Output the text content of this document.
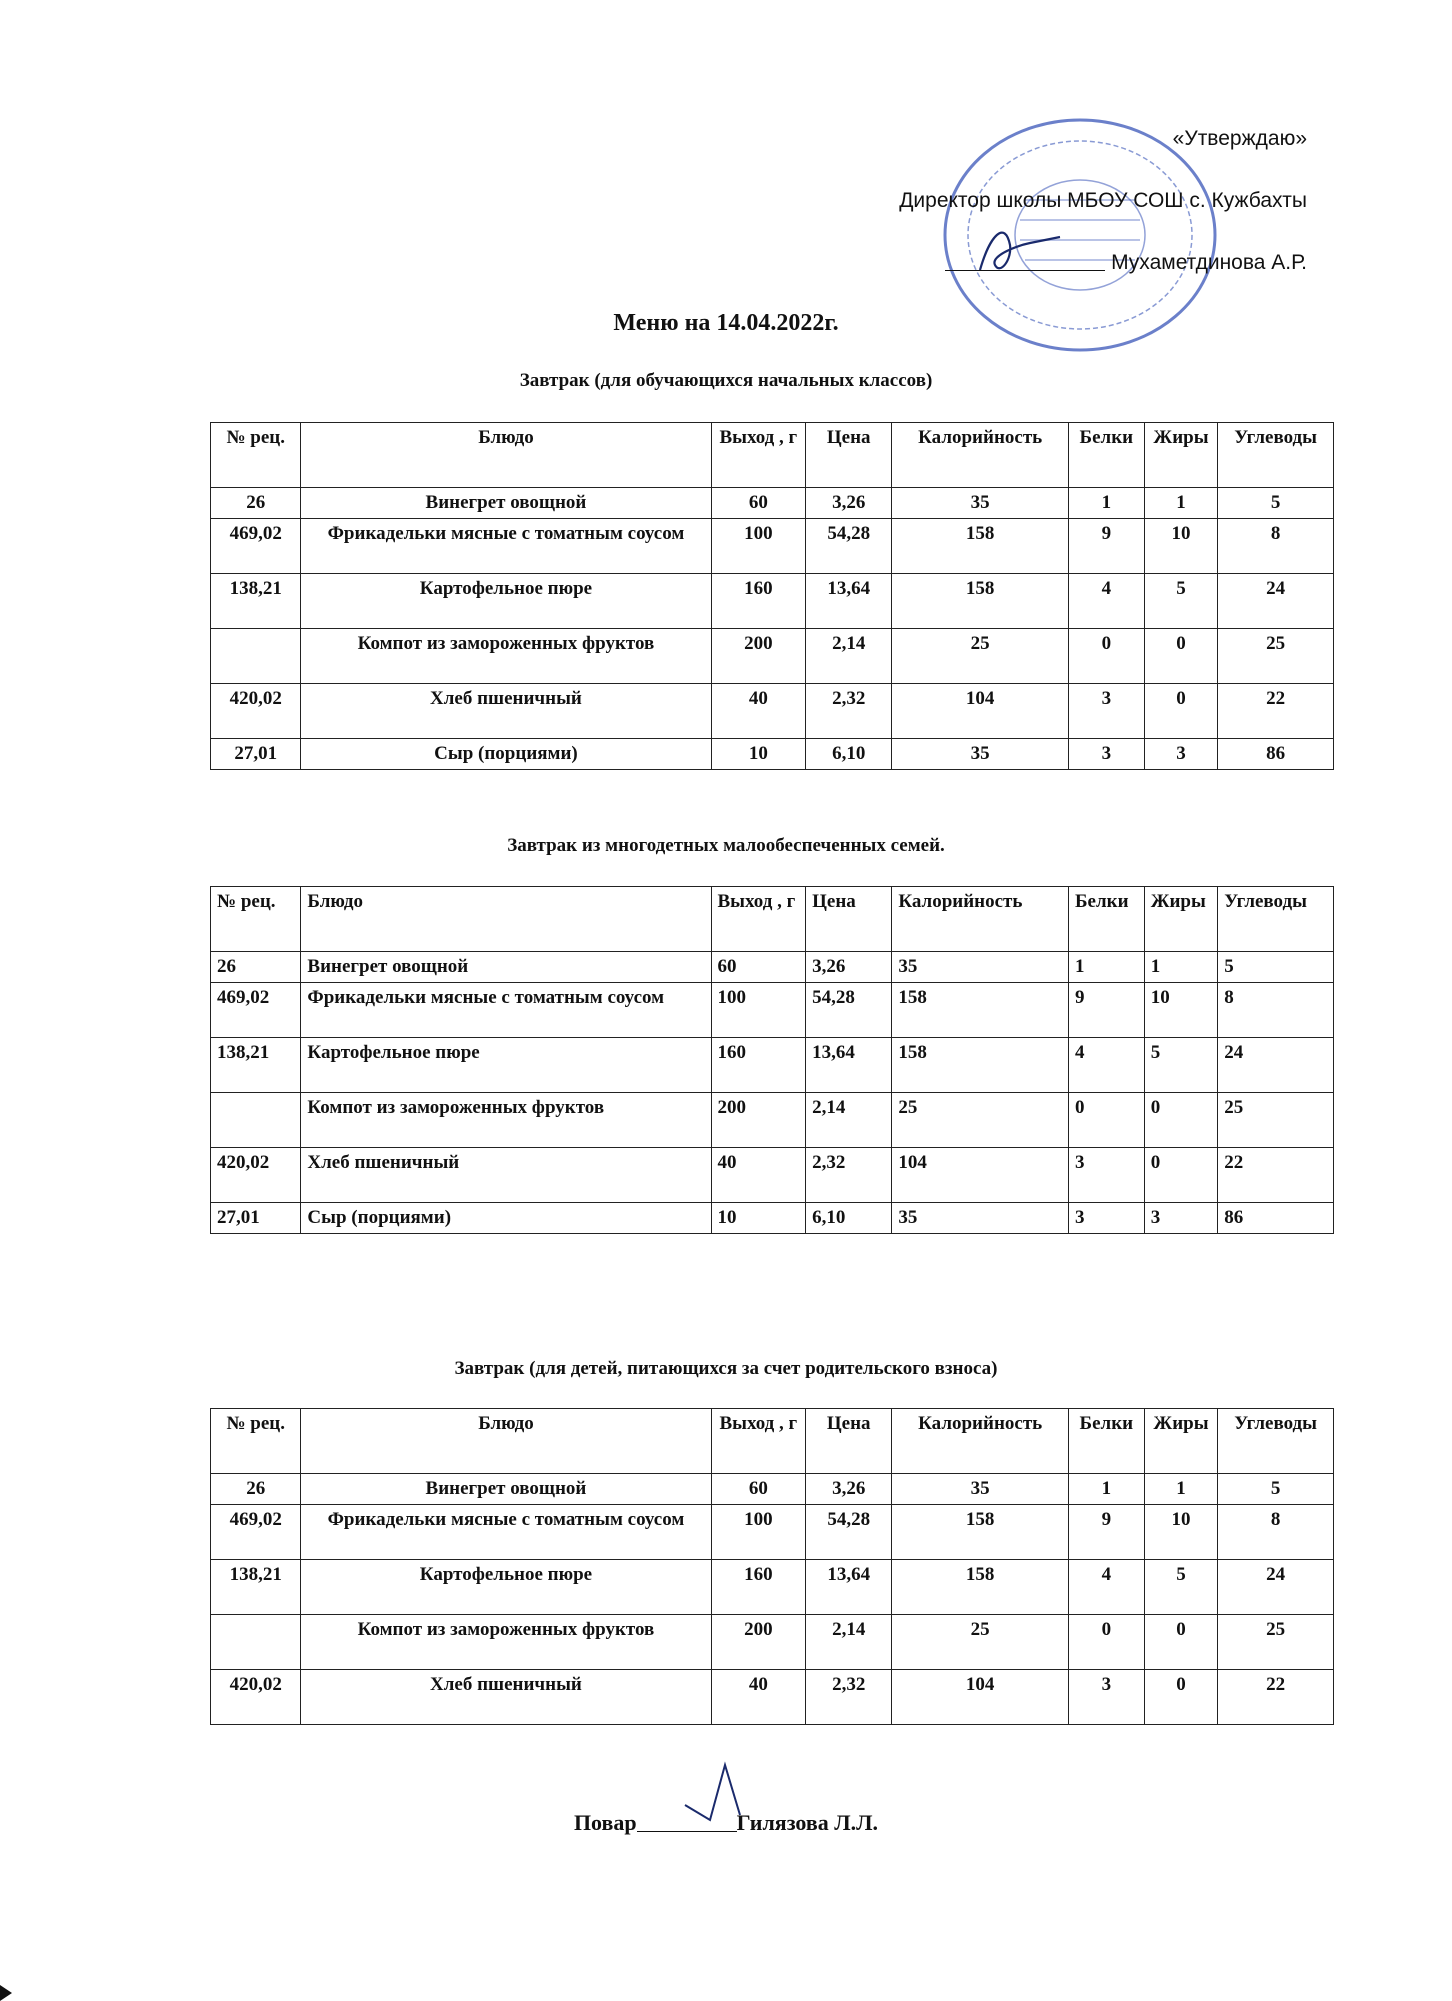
«Утверждаю»
Директор школы МБОУ СОШ с. Кужбахты
Мухаметдинова А.Р.
Меню на 14.04.2022г.
Завтрак (для обучающихся начальных классов)
№ рец.	Блюдо	Выход , г	Цена	Калорийность	Белки	Жиры	Углеводы
26	Винегрет овощной	60	3,26	35	1	1	5
469,02	Фрикадельки мясные с томатным соусом	100	54,28	158	9	10	8
138,21	Картофельное пюре	160	13,64	158	4	5	24
	Компот из замороженных фруктов	200	2,14	25	0	0	25
420,02	Хлеб пшеничный	40	2,32	104	3	0	22
27,01	Сыр (порциями)	10	6,10	35	3	3	86
Завтрак из многодетных малообеспеченных семей.
№ рец.	Блюдо	Выход , г	Цена	Калорийность	Белки	Жиры	Углеводы
26	Винегрет овощной	60	3,26	35	1	1	5
469,02	Фрикадельки мясные с томатным соусом	100	54,28	158	9	10	8
138,21	Картофельное пюре	160	13,64	158	4	5	24
	Компот из замороженных фруктов	200	2,14	25	0	0	25
420,02	Хлеб пшеничный	40	2,32	104	3	0	22
27,01	Сыр (порциями)	10	6,10	35	3	3	86
Завтрак (для детей, питающихся за счет родительского взноса)
№ рец.	Блюдо	Выход , г	Цена	Калорийность	Белки	Жиры	Углеводы
26	Винегрет овощной	60	3,26	35	1	1	5
469,02	Фрикадельки мясные с томатным соусом	100	54,28	158	9	10	8
138,21	Картофельное пюре	160	13,64	158	4	5	24
	Компот из замороженных фруктов	200	2,14	25	0	0	25
420,02	Хлеб пшеничный	40	2,32	104	3	0	22
Повар	Гилязова Л.Л.
